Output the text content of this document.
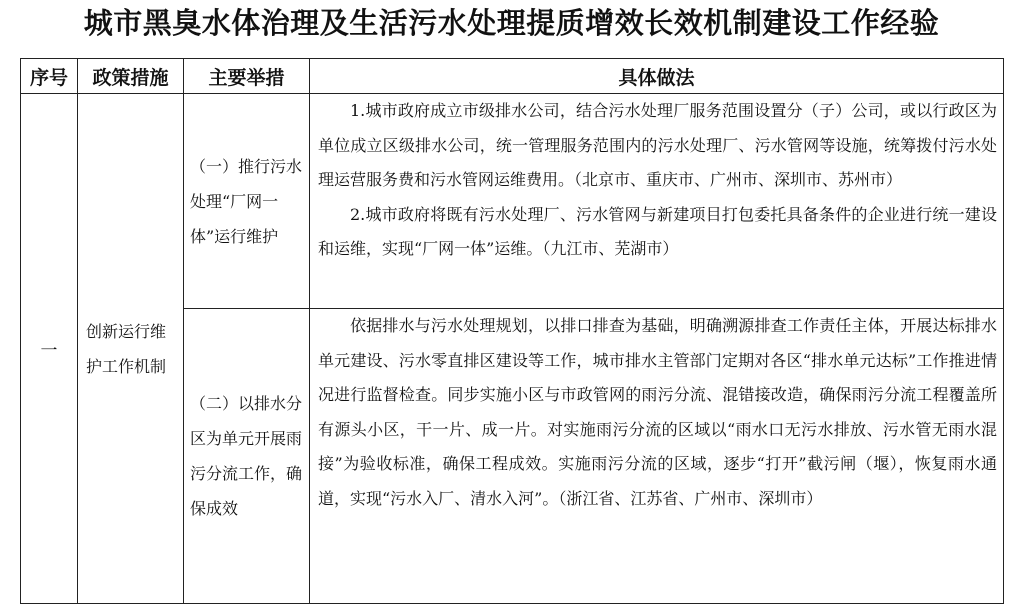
城市黑臭水体治理及生活污水处理提质增效长效机制建设工作经验
序号	政策措施	主要举措	具体做法
一	创新运行维护工作机制	（一）推行污水处理“厂网一体”运行维护	1.城市政府成立市级排水公司，结合污水处理厂服务范围设置分（子）公司，或以行政区为单位成立区级排水公司，统一管理服务范围内的污水处理厂、污水管网等设施，统筹拨付污水处理运营服务费和污水管网运维费用。（北京市、重庆市、广州市、深圳市、苏州市）

2.城市政府将既有污水处理厂、污水管网与新建项目打包委托具备条件的企业进行统一建设和运维，实现“厂网一体”运维。（九江市、芜湖市）

		（二）以排水分区为单元开展雨污分流工作，确保成效	依据排水与污水处理规划，以排口排查为基础，明确溯源排查工作责任主体，开展达标排水单元建设、污水零直排区建设等工作，城市排水主管部门定期对各区“排水单元达标”工作推进情况进行监督检查。同步实施小区与市政管网的雨污分流、混错接改造，确保雨污分流工程覆盖所有源头小区，干一片、成一片。对实施雨污分流的区域以“雨水口无污水排放、污水管无雨水混接”为验收标准，确保工程成效。实施雨污分流的区域，逐步“打开”截污闸（堰），恢复雨水通道，实现“污水入厂、清水入河”。（浙江省、江苏省、广州市、深圳市）
